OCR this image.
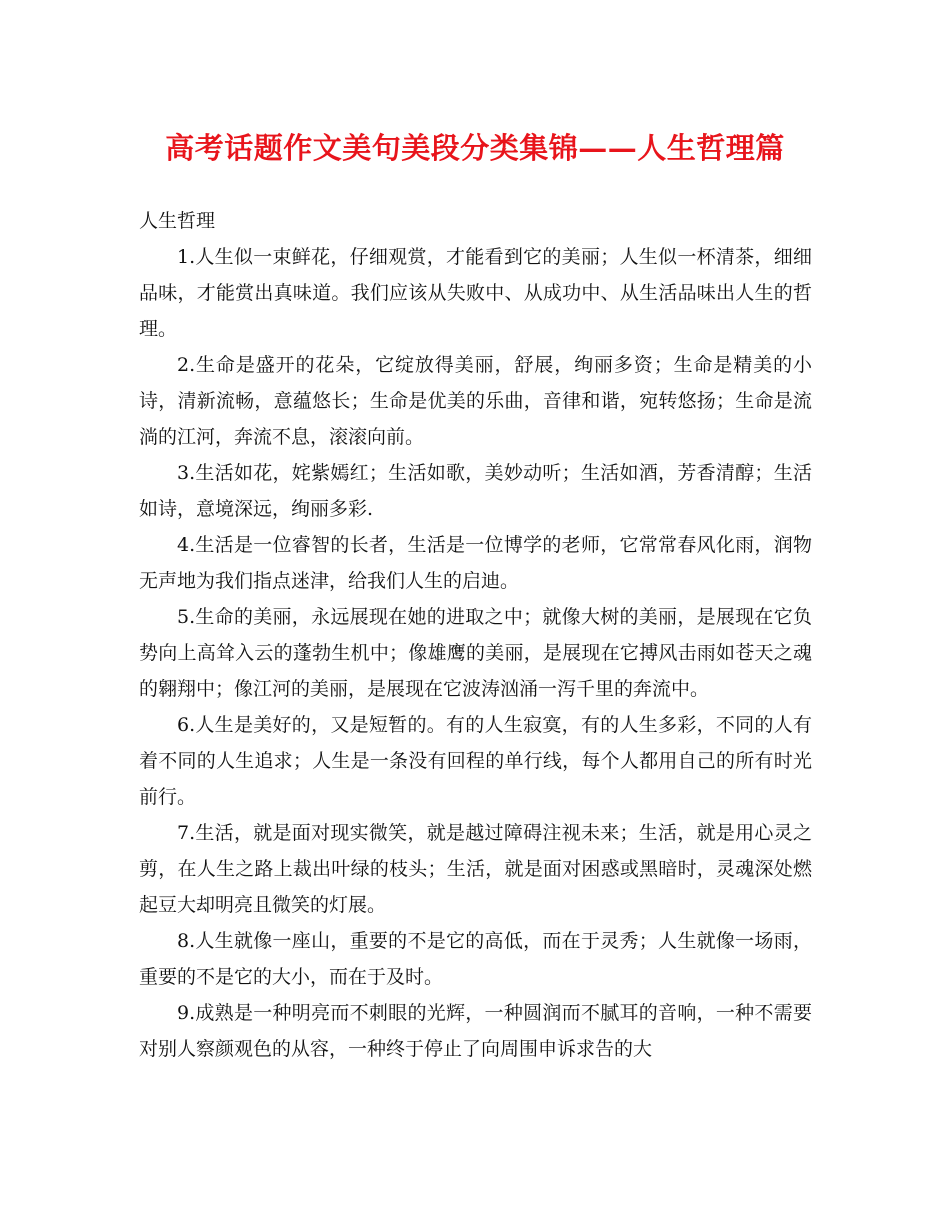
高考话题作文美句美段分类集锦——人生哲理篇

人生哲理

1.人生似一束鲜花，仔细观赏，才能看到它的美丽；人生似一杯清茶，细细品味，才能赏出真味道。我们应该从失败中、从成功中、从生活品味出人生的哲理。

2.生命是盛开的花朵，它绽放得美丽，舒展，绚丽多资；生命是精美的小诗，清新流畅，意蕴悠长；生命是优美的乐曲，音律和谐，宛转悠扬；生命是流淌的江河，奔流不息，滚滚向前。

3.生活如花，姹紫嫣红；生活如歌，美妙动听；生活如酒，芳香清醇；生活如诗，意境深远，绚丽多彩.

4.生活是一位睿智的长者，生活是一位博学的老师，它常常春风化雨，润物无声地为我们指点迷津，给我们人生的启迪。

5.生命的美丽，永远展现在她的进取之中；就像大树的美丽，是展现在它负势向上高耸入云的蓬勃生机中；像雄鹰的美丽，是展现在它搏风击雨如苍天之魂的翱翔中；像江河的美丽，是展现在它波涛汹涌一泻千里的奔流中。

6.人生是美好的，又是短暂的。有的人生寂寞，有的人生多彩，不同的人有着不同的人生追求；人生是一条没有回程的单行线，每个人都用自己的所有时光前行。

7.生活，就是面对现实微笑，就是越过障碍注视未来；生活，就是用心灵之剪，在人生之路上裁出叶绿的枝头；生活，就是面对困惑或黑暗时，灵魂深处燃起豆大却明亮且微笑的灯展。

8.人生就像一座山，重要的不是它的高低，而在于灵秀；人生就像一场雨，重要的不是它的大小，而在于及时。

9.成熟是一种明亮而不刺眼的光辉，一种圆润而不腻耳的音响，一种不需要对别人察颜观色的从容，一种终于停止了向周围申诉求告的大
